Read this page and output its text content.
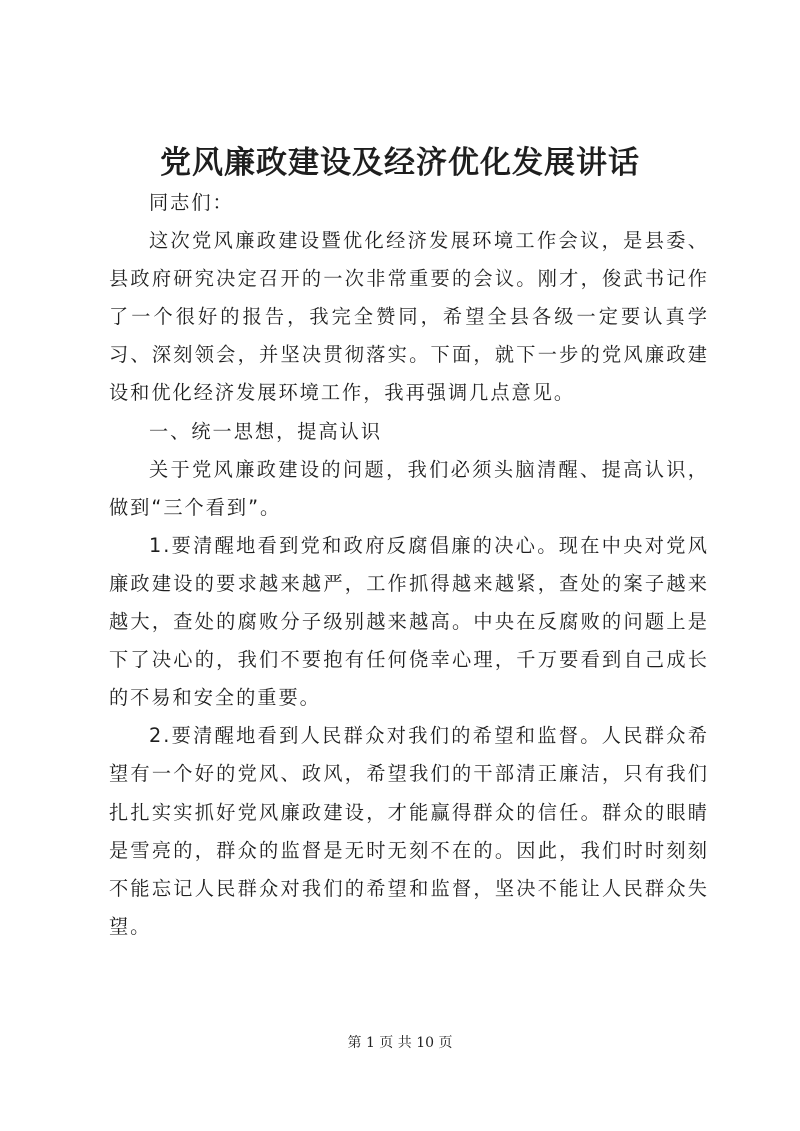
党风廉政建设及经济优化发展讲话

同志们：

这次党风廉政建设暨优化经济发展环境工作会议，是县委、县政府研究决定召开的一次非常重要的会议。刚才，俊武书记作了一个很好的报告，我完全赞同，希望全县各级一定要认真学习、深刻领会，并坚决贯彻落实。下面，就下一步的党风廉政建设和优化经济发展环境工作，我再强调几点意见。

一、统一思想，提高认识

关于党风廉政建设的问题，我们必须头脑清醒、提高认识，做到“三个看到”。

1.要清醒地看到党和政府反腐倡廉的决心。现在中央对党风廉政建设的要求越来越严，工作抓得越来越紧，查处的案子越来越大，查处的腐败分子级别越来越高。中央在反腐败的问题上是下了决心的，我们不要抱有任何侥幸心理，千万要看到自己成长的不易和安全的重要。

2.要清醒地看到人民群众对我们的希望和监督。人民群众希望有一个好的党风、政风，希望我们的干部清正廉洁，只有我们扎扎实实抓好党风廉政建设，才能赢得群众的信任。群众的眼睛是雪亮的，群众的监督是无时无刻不在的。因此，我们时时刻刻不能忘记人民群众对我们的希望和监督，坚决不能让人民群众失望。

第 1 页 共 10 页
